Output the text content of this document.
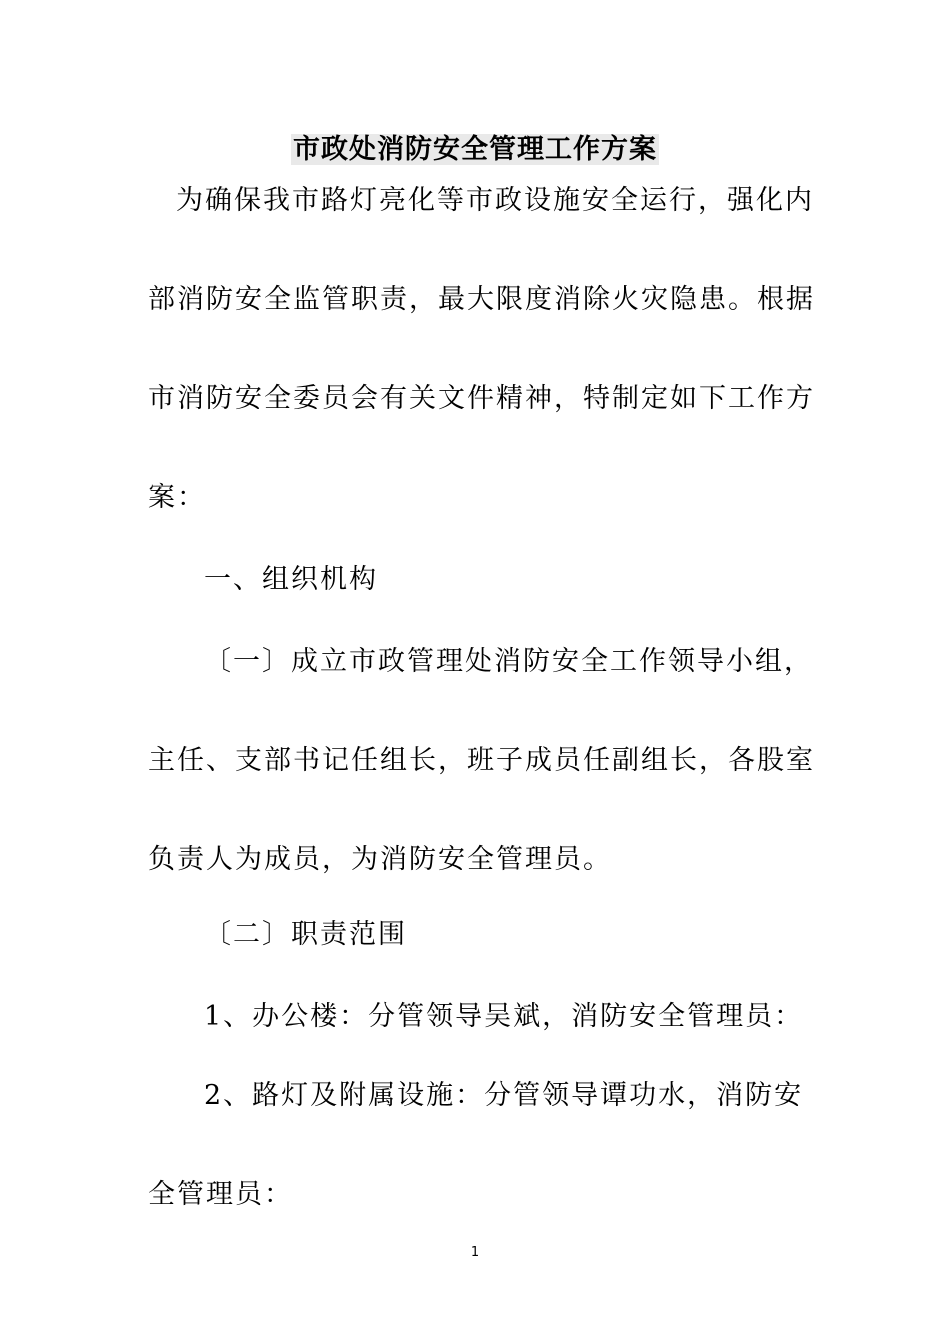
市政处消防安全管理工作方案
为确保我市路灯亮化等市政设施安全运行，强化内
部消防安全监管职责，最大限度消除火灾隐患。根据
市消防安全委员会有关文件精神，特制定如下工作方
案：
一、组织机构
〔一〕成立市政管理处消防安全工作领导小组，
主任、支部书记任组长，班子成员任副组长，各股室
负责人为成员，为消防安全管理员。
〔二〕职责范围
1、办公楼：分管领导吴斌，消防安全管理员：
2、路灯及附属设施：分管领导谭功水，消防安
全管理员：
1
